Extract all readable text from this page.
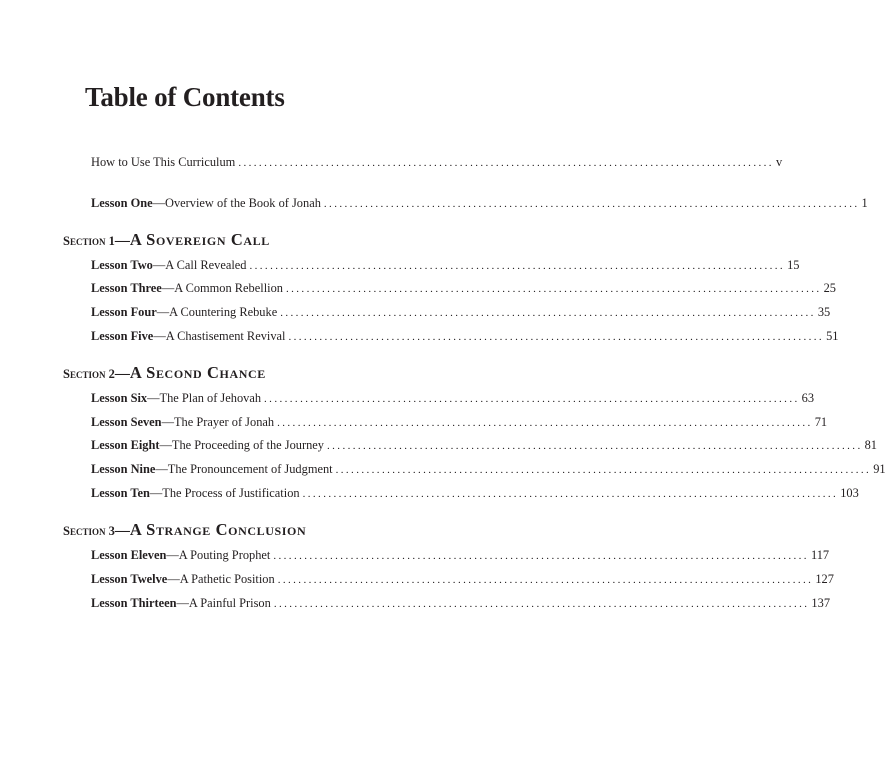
Table of Contents
How to Use This Curriculum ........................................................................................................ v
Lesson One — Overview of the Book of Jonah ........................................................................................................ 1
Section 1—A Sovereign Call
Lesson Two — A Call Revealed ........................................................................................................ 15
Lesson Three — A Common Rebellion ........................................................................................................ 25
Lesson Four — A Countering Rebuke ........................................................................................................ 35
Lesson Five — A Chastisement Revival ........................................................................................................ 51
Section 2—A Second Chance
Lesson Six — The Plan of Jehovah ........................................................................................................ 63
Lesson Seven — The Prayer of Jonah ........................................................................................................ 71
Lesson Eight — The Proceeding of the Journey ........................................................................................................ 81
Lesson Nine — The Pronouncement of Judgment ........................................................................................................ 91
Lesson Ten — The Process of Justification ........................................................................................................ 103
Section 3—A Strange Conclusion
Lesson Eleven — A Pouting Prophet ........................................................................................................ 117
Lesson Twelve — A Pathetic Position ........................................................................................................ 127
Lesson Thirteen — A Painful Prison ........................................................................................................ 137
